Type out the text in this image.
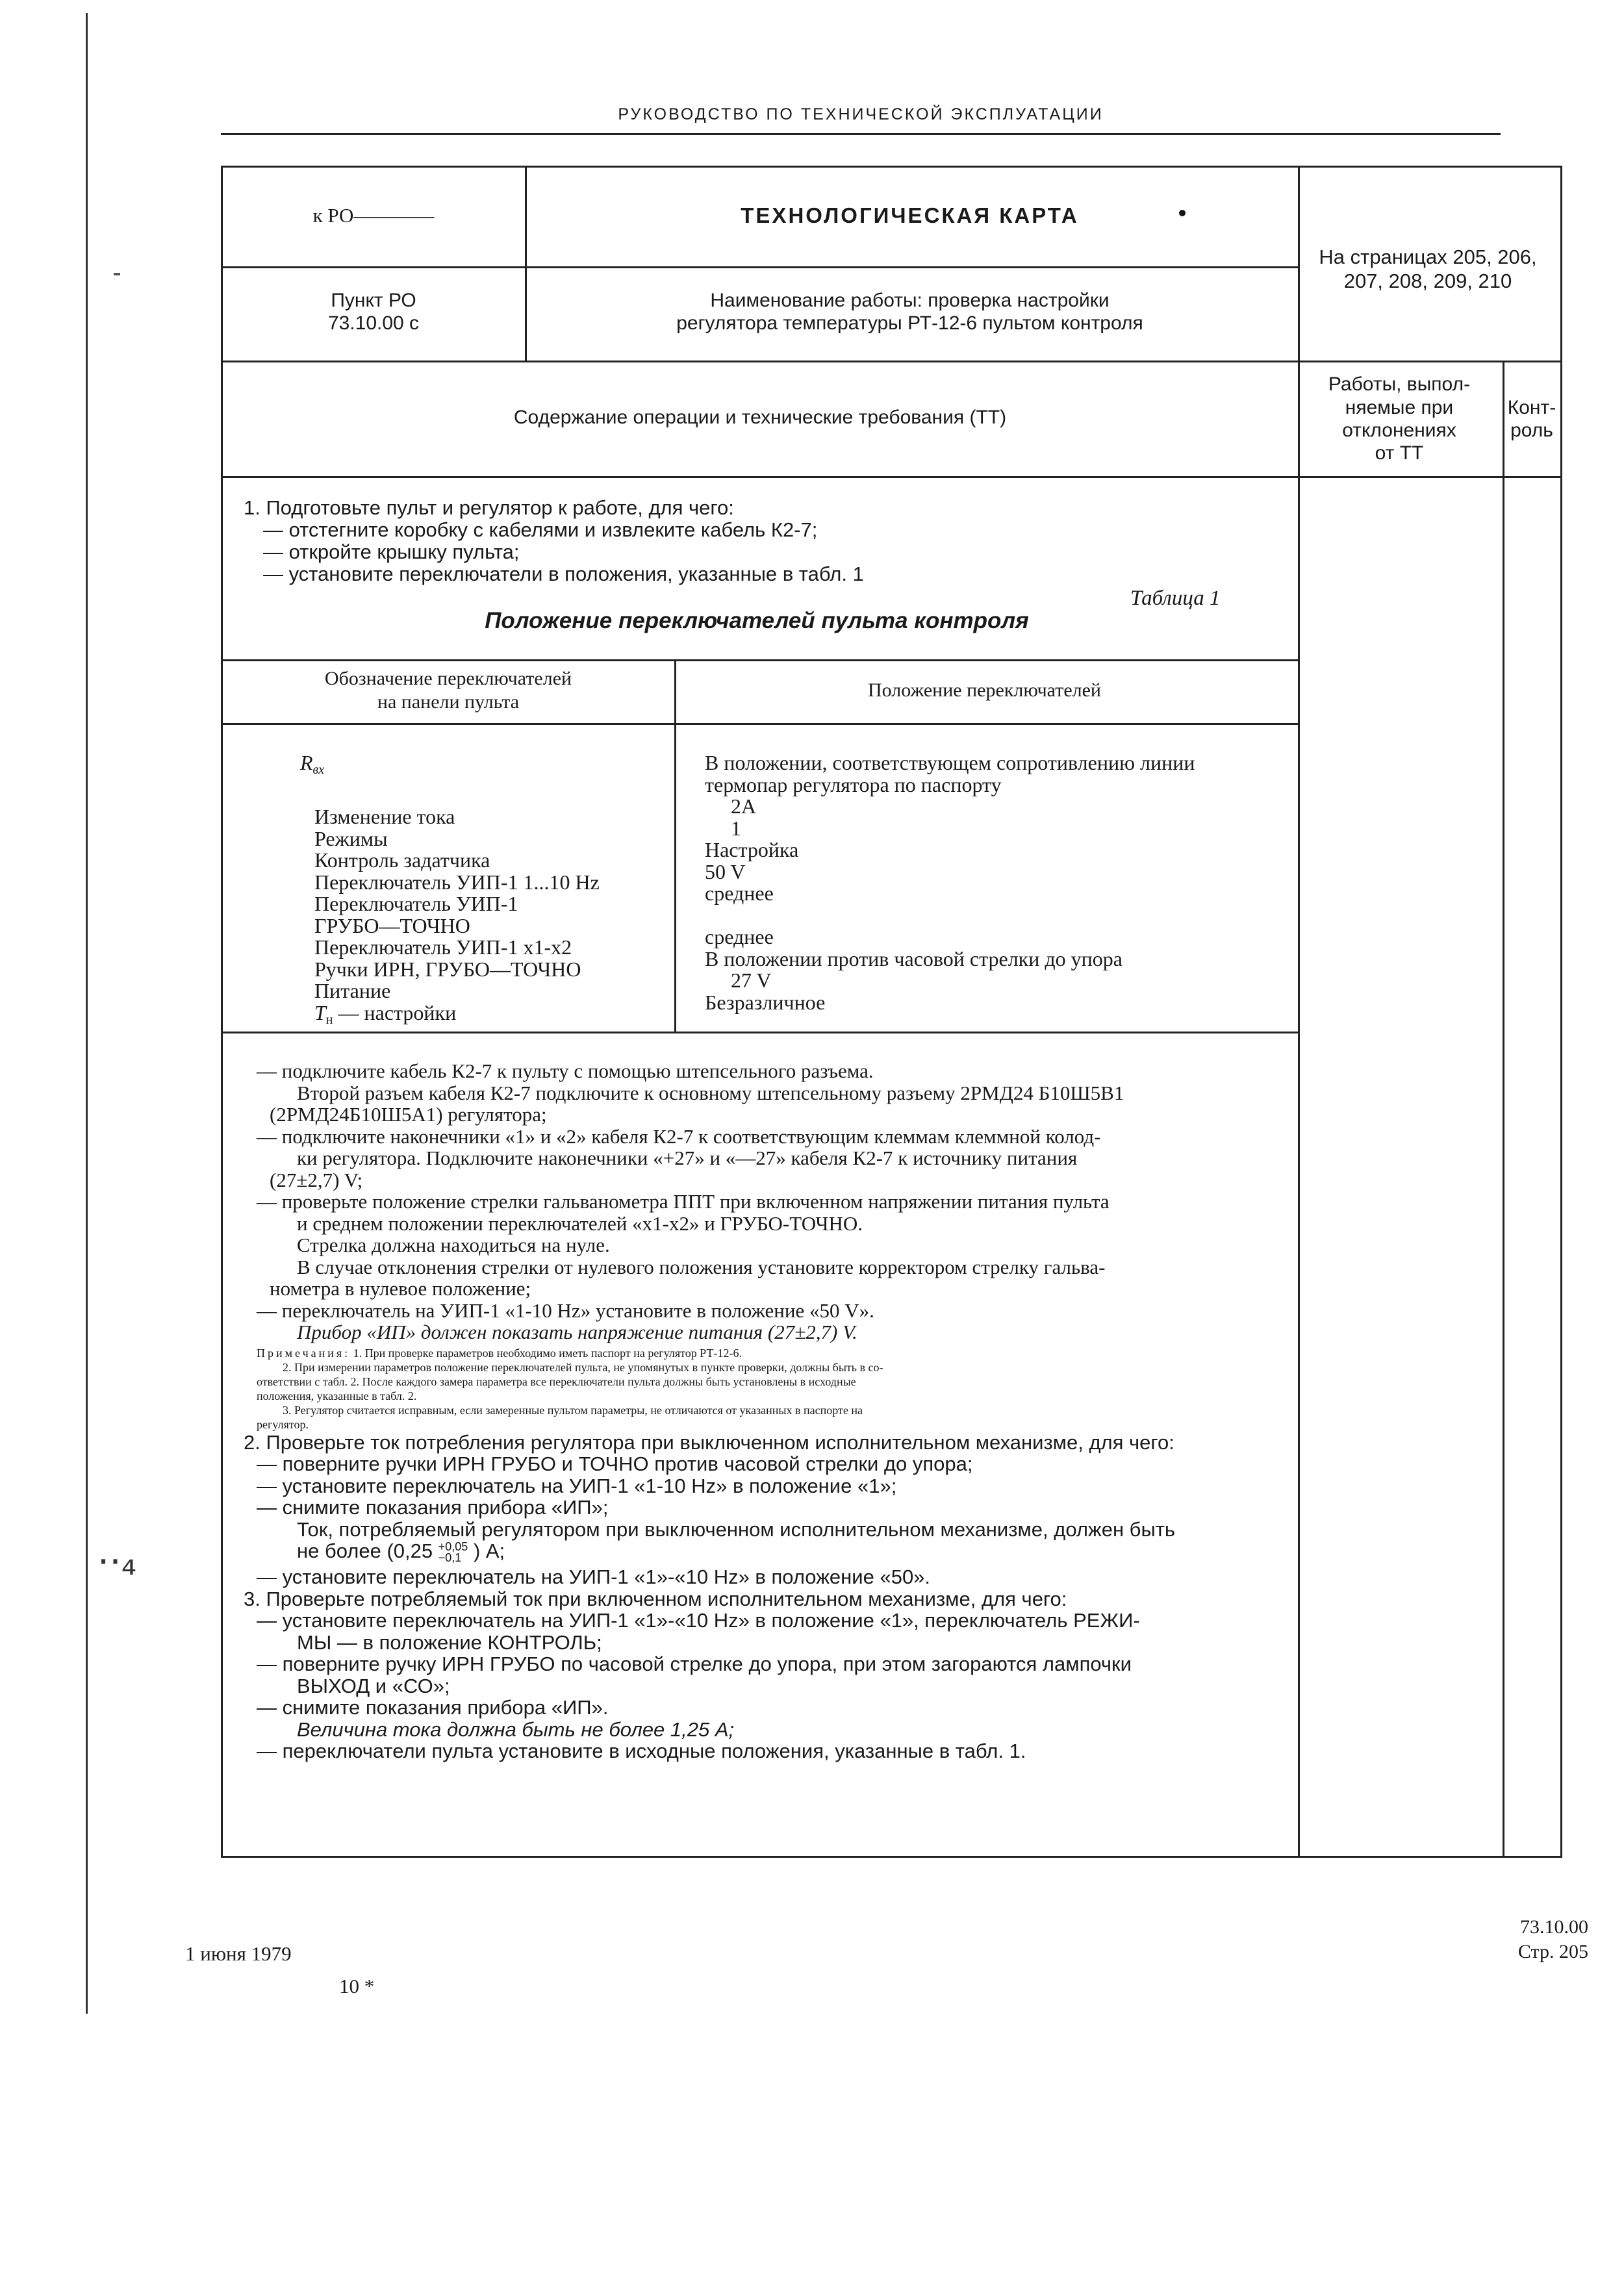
⋅⋅₄
РУКОВОДСТВО ПО ТЕХНИЧЕСКОЙ ЭКСПЛУАТАЦИИ
к РО————	ТЕХНОЛОГИЧЕСКАЯ КАРТА
На страницах 205, 206, 207, 208, 209, 210
Пункт РО
73.10.00 с
Наименование работы: проверка настройки
регулятора температуры РТ-12-6 пультом контроля
Содержание операции и технические требования (ТТ)
Работы, выпол-
няемые при
отклонениях
от ТТ
Конт-
роль
1. Подготовьте пульт и регулятор к работе, для чего:
— отстегните коробку с кабелями и извлеките кабель К2-7;
— откройте крышку пульта;
— установите переключатели в положения, указанные в табл. 1
Таблица 1
Положение переключателей пульта контроля
Обозначение переключателей
на панели пульта
Положение переключателей
$R_{вх}$
Изменение тока
Режимы
Контроль задатчика
Переключатель УИП-1 1...10 Hz
Переключатель УИП-1
ГРУБО—ТОЧНО
Переключатель УИП-1 x1-x2
Ручки ИРН, ГРУБО—ТОЧНО
Питание
$Т_н$ — настройки
В положении, соответствующем сопротивлению линии
термопар регулятора по паспорту
2A
1
Настройка
50 V
среднее
среднее
В положении против часовой стрелки до упора
27 V
Безразличное
— подключите кабель К2-7 к пульту с помощью штепсельного разъема.
Второй разъем кабеля К2-7 подключите к основному штепсельному разъему 2РМД24 Б10Ш5В1
(2РМД24Б10Ш5А1) регулятора;
— подключите наконечники «1» и «2» кабеля К2-7 к соответствующим клеммам клеммной колод-
ки регулятора. Подключите наконечники «+27» и «—27» кабеля К2-7 к источнику питания
(27±2,7) V;
— проверьте положение стрелки гальванометра ППТ при включенном напряжении питания пульта
и среднем положении переключателей «x1-x2» и ГРУБО-ТОЧНО.
Стрелка должна находиться на нуле.
В случае отклонения стрелки от нулевого положения установите корректором стрелку гальва-
нометра в нулевое положение;
— переключатель на УИП-1 «1-10 Hz» установите в положение «50 V».
Прибор «ИП» должен показать напряжение питания (27±2,7) V.
Примечания: 1. При проверке параметров необходимо иметь паспорт на регулятор РТ-12-6.
2. При измерении параметров положение переключателей пульта, не упомянутых в пункте проверки, должны быть в со-
ответствии с табл. 2. После каждого замера параметра все переключатели пульта должны быть установлены в исходные
положения, указанные в табл. 2.
3. Регулятор считается исправным, если замеренные пультом параметры, не отличаются от указанных в паспорте на
регулятор.
2. Проверьте ток потребления регулятора при выключенном исполнительном механизме, для чего:
— поверните ручки ИРН ГРУБО и ТОЧНО против часовой стрелки до упора;
— установите переключатель на УИП-1 «1-10 Hz» в положение «1»;
— снимите показания прибора «ИП»;
Ток, потребляемый регулятором при выключенном исполнительном механизме, должен быть
не более (0,25 +0,05
−0,1 ) A;
— установите переключатель на УИП-1 «1»-«10 Hz» в положение «50».
3. Проверьте потребляемый ток при включенном исполнительном механизме, для чего:
— установите переключатель на УИП-1 «1»-«10 Hz» в положение «1», переключатель РЕЖИ-
МЫ — в положение КОНТРОЛЬ;
— поверните ручку ИРН ГРУБО по часовой стрелке до упора, при этом загораются лампочки
ВЫХОД и «СО»;
— снимите показания прибора «ИП».
Величина тока должна быть не более 1,25 A;
— переключатели пульта установите в исходные положения, указанные в табл. 1.
1 июня 1979
10 *
73.10.00
Стр. 205
